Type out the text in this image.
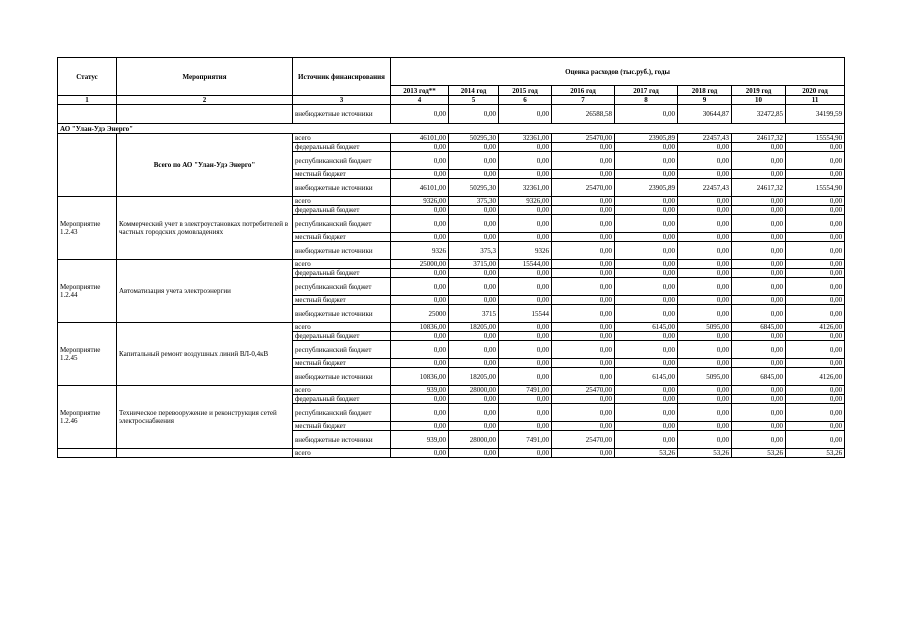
Статус	Мероприятия	Источник финансирования	Оценка расходов (тыс.руб.), годы							
			2013 год**	2014 год	2015 год	2016 год	2017 год	2018 год	2019 год	2020 год
1	2	3	4	5	6	7	8	9	10	11
		внебюджетные источники	0,00	0,00	0,00	26588,58	0,00	30644,87	32472,85	34199,59
АО "Улан-Удэ Энерго"										
	Всего по АО "Улан-Удэ Энерго"	всего	46101,00	50295,30	32361,00	25470,00	23905,89	22457,43	24617,32	15554,90
		федеральный бюджет	0,00	0,00	0,00	0,00	0,00	0,00	0,00	0,00
		республиканский бюджет	0,00	0,00	0,00	0,00	0,00	0,00	0,00	0,00
		местный бюджет	0,00	0,00	0,00	0,00	0,00	0,00	0,00	0,00
		внебюджетные источники	46101,00	50295,30	32361,00	25470,00	23905,89	22457,43	24617,32	15554,90
Мероприятие 1.2.43	Коммерческий учет в электроустановках потребителей в частных городских домовладениях	всего	9326,00	375,30	9326,00	0,00	0,00	0,00	0,00	0,00
		федеральный бюджет	0,00	0,00	0,00	0,00	0,00	0,00	0,00	0,00
		республиканский бюджет	0,00	0,00	0,00	0,00	0,00	0,00	0,00	0,00
		местный бюджет	0,00	0,00	0,00	0,00	0,00	0,00	0,00	0,00
		внебюджетные источники	9326	375,3	9326	0,00	0,00	0,00	0,00	0,00
Мероприятие 1.2.44	Автоматизация учета электроэнергии	всего	25000,00	3715,00	15544,00	0,00	0,00	0,00	0,00	0,00
		федеральный бюджет	0,00	0,00	0,00	0,00	0,00	0,00	0,00	0,00
		республиканский бюджет	0,00	0,00	0,00	0,00	0,00	0,00	0,00	0,00
		местный бюджет	0,00	0,00	0,00	0,00	0,00	0,00	0,00	0,00
		внебюджетные источники	25000	3715	15544	0,00	0,00	0,00	0,00	0,00
Мероприятие 1.2.45	Капитальный ремонт воздушных линий ВЛ-0,4кВ	всего	10836,00	18205,00	0,00	0,00	6145,00	5095,00	6845,00	4126,00
		федеральный бюджет	0,00	0,00	0,00	0,00	0,00	0,00	0,00	0,00
		республиканский бюджет	0,00	0,00	0,00	0,00	0,00	0,00	0,00	0,00
		местный бюджет	0,00	0,00	0,00	0,00	0,00	0,00	0,00	0,00
		внебюджетные источники	10836,00	18205,00	0,00	0,00	6145,00	5095,00	6845,00	4126,00
Мероприятие 1.2.46	Техническое перевооружение и реконструкция сетей электроснабжения	всего	939,00	28000,00	7491,00	25470,00	0,00	0,00	0,00	0,00
		федеральный бюджет	0,00	0,00	0,00	0,00	0,00	0,00	0,00	0,00
		республиканский бюджет	0,00	0,00	0,00	0,00	0,00	0,00	0,00	0,00
		местный бюджет	0,00	0,00	0,00	0,00	0,00	0,00	0,00	0,00
		внебюджетные источники	939,00	28000,00	7491,00	25470,00	0,00	0,00	0,00	0,00
		всего	0,00	0,00	0,00	0,00	53,26	53,26	53,26	53,26
